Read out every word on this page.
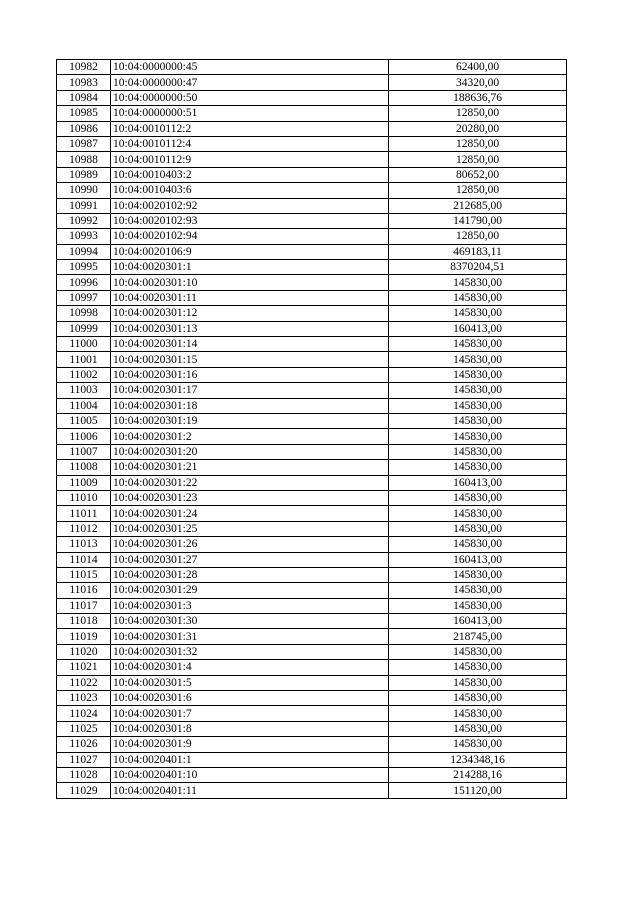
10982	10:04:0000000:45	62400,00
10983	10:04:0000000:47	34320,00
10984	10:04:0000000:50	188636,76
10985	10:04:0000000:51	12850,00
10986	10:04:0010112:2	20280,00
10987	10:04:0010112:4	12850,00
10988	10:04:0010112:9	12850,00
10989	10:04:0010403:2	80652,00
10990	10:04:0010403:6	12850,00
10991	10:04:0020102:92	212685,00
10992	10:04:0020102:93	141790,00
10993	10:04:0020102:94	12850,00
10994	10:04:0020106:9	469183,11
10995	10:04:0020301:1	8370204,51
10996	10:04:0020301:10	145830,00
10997	10:04:0020301:11	145830,00
10998	10:04:0020301:12	145830,00
10999	10:04:0020301:13	160413,00
11000	10:04:0020301:14	145830,00
11001	10:04:0020301:15	145830,00
11002	10:04:0020301:16	145830,00
11003	10:04:0020301:17	145830,00
11004	10:04:0020301:18	145830,00
11005	10:04:0020301:19	145830,00
11006	10:04:0020301:2	145830,00
11007	10:04:0020301:20	145830,00
11008	10:04:0020301:21	145830,00
11009	10:04:0020301:22	160413,00
11010	10:04:0020301:23	145830,00
11011	10:04:0020301:24	145830,00
11012	10:04:0020301:25	145830,00
11013	10:04:0020301:26	145830,00
11014	10:04:0020301:27	160413,00
11015	10:04:0020301:28	145830,00
11016	10:04:0020301:29	145830,00
11017	10:04:0020301:3	145830,00
11018	10:04:0020301:30	160413,00
11019	10:04:0020301:31	218745,00
11020	10:04:0020301:32	145830,00
11021	10:04:0020301:4	145830,00
11022	10:04:0020301:5	145830,00
11023	10:04:0020301:6	145830,00
11024	10:04:0020301:7	145830,00
11025	10:04:0020301:8	145830,00
11026	10:04:0020301:9	145830,00
11027	10:04:0020401:1	1234348,16
11028	10:04:0020401:10	214288,16
11029	10:04:0020401:11	151120,00
